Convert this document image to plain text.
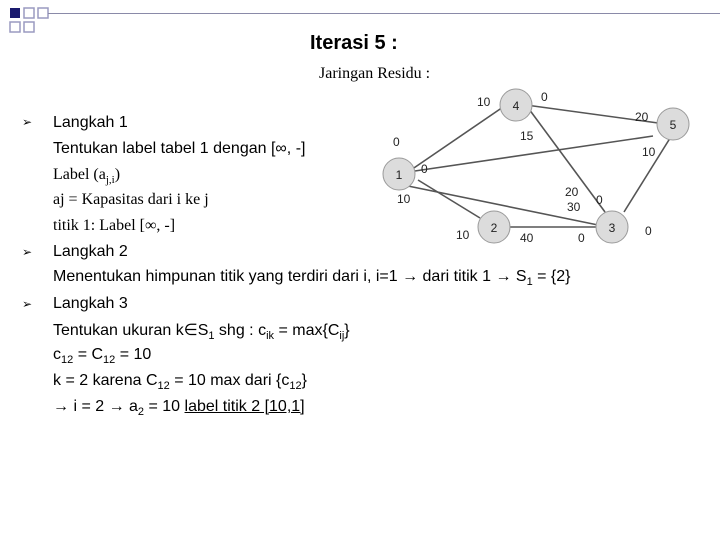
Iterasi 5 :
Jaringan Residu :
4
5
1
2	3
10	0
20
15
10
0
0
10	20
30 0
10	40	0	0
➢
➢
➢
Langkah 1
Tentukan label tabel 1 dengan [∞, -]
Label $(a_{j,i})$
aj = Kapasitas dari i ke j
titik 1: Label [∞, -]
Langkah 2
Menentukan himpunan titik yang terdiri dari i, i=1 → dari titik $1 \to S_1 = \{2\}$
Langkah 3
Tentukan ukuran $k\in S_1$ shg : $c_{ik} = \max\{C_{ij}\}$
$c_{12} = C_{12} = 10$
k = 2 karena $C_{12} = 10$ max dari $\{c_{12}\}$
→ $i = 2 \to a_2 = 10$ label titik 2 [10,1]
